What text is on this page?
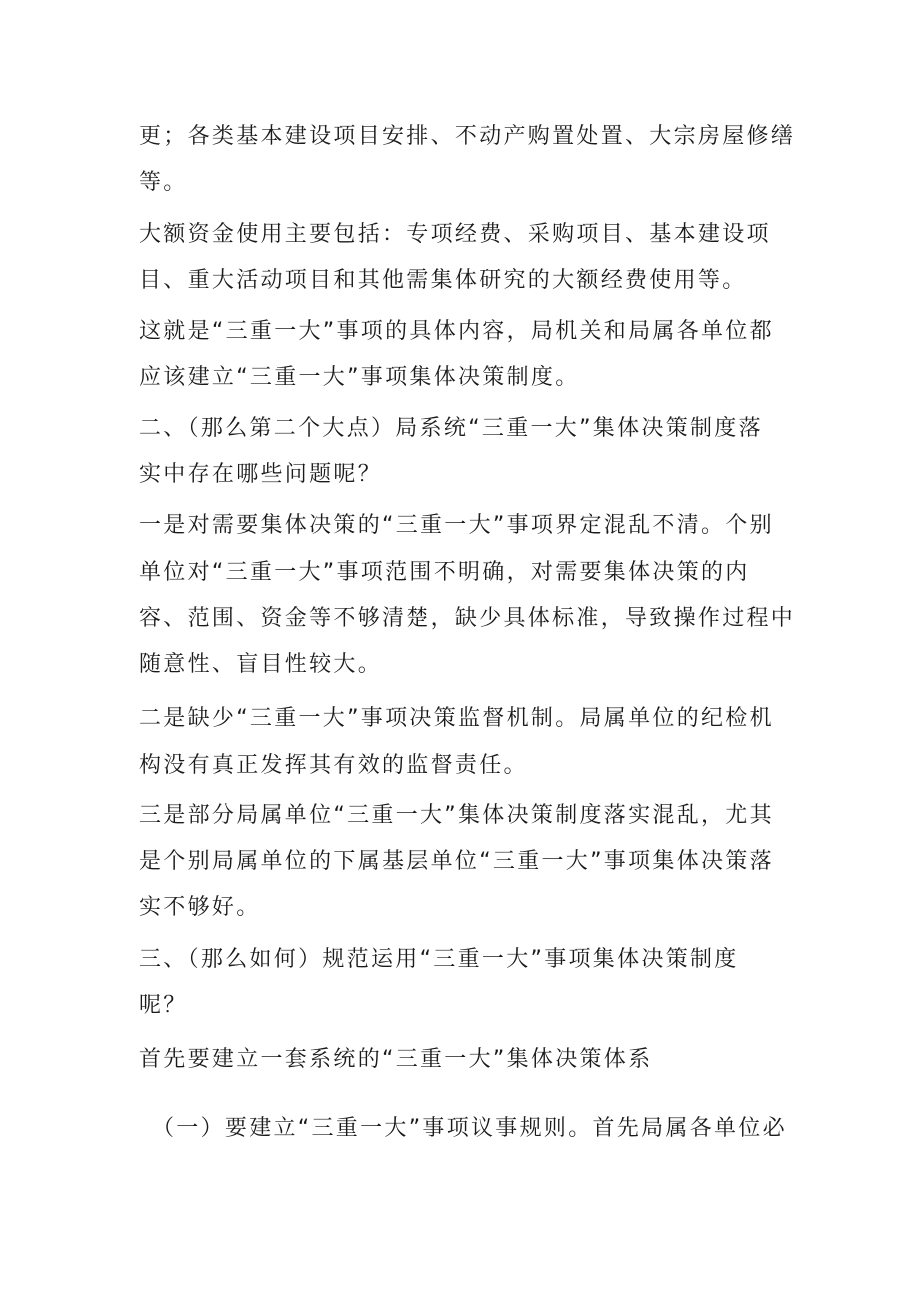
更；各类基本建设项目安排、不动产购置处置、大宗房屋修缮
等。
大额资金使用主要包括：专项经费、采购项目、基本建设项
目、重大活动项目和其他需集体研究的大额经费使用等。
这就是“三重一大”事项的具体内容，局机关和局属各单位都
应该建立“三重一大”事项集体决策制度。
二、（那么第二个大点）局系统“三重一大”集体决策制度落
实中存在哪些问题呢？
一是对需要集体决策的“三重一大”事项界定混乱不清。个别
单位对“三重一大”事项范围不明确，对需要集体决策的内
容、范围、资金等不够清楚，缺少具体标准，导致操作过程中
随意性、盲目性较大。
二是缺少“三重一大”事项决策监督机制。局属单位的纪检机
构没有真正发挥其有效的监督责任。
三是部分局属单位“三重一大”集体决策制度落实混乱，尤其
是个别局属单位的下属基层单位“三重一大”事项集体决策落
实不够好。
三、（那么如何）规范运用“三重一大”事项集体决策制度
呢？
首先要建立一套系统的“三重一大”集体决策体系
（一）要建立“三重一大”事项议事规则。首先局属各单位必
